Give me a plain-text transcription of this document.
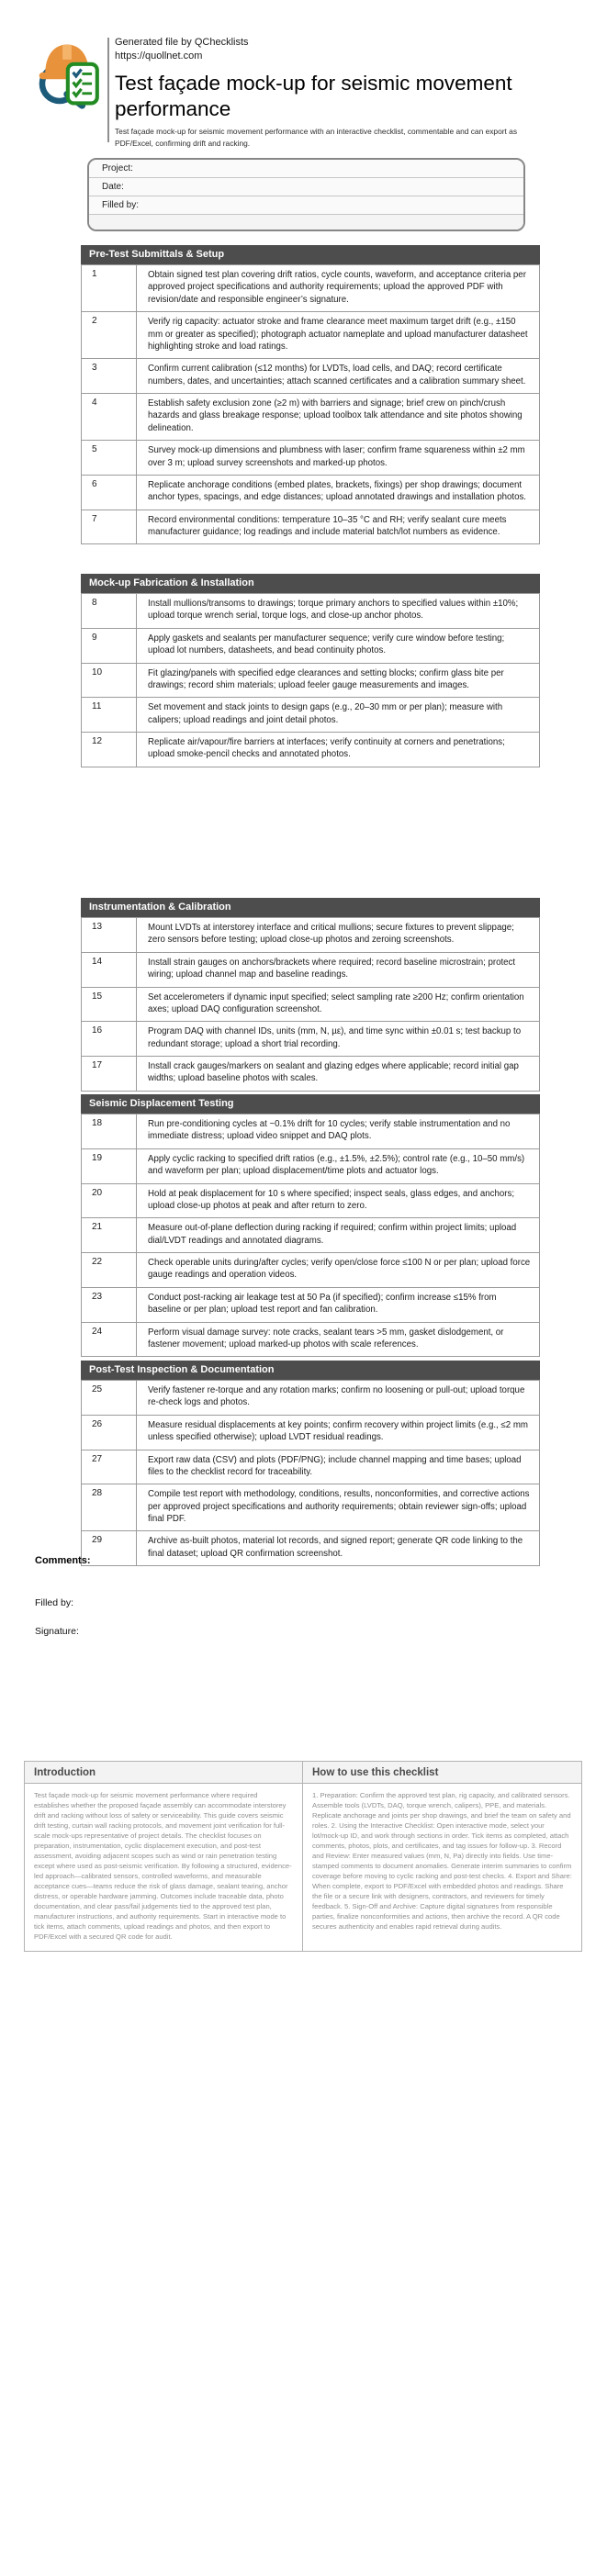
Generated file by QChecklists
https://quollnet.com
Test façade mock-up for seismic movement performance
Test façade mock-up for seismic movement performance with an interactive checklist, commentable and can export as PDF/Excel, confirming drift and racking.
Project:
Date:
Filled by:
Pre-Test Submittals & Setup
1	Obtain signed test plan covering drift ratios, cycle counts, waveform, and acceptance criteria per approved project specifications and authority requirements; upload the approved PDF with revision/date and responsible engineer’s signature.
2	Verify rig capacity: actuator stroke and frame clearance meet maximum target drift (e.g., ±150 mm or greater as specified); photograph actuator nameplate and upload manufacturer datasheet highlighting stroke and load ratings.
3	Confirm current calibration (≤12 months) for LVDTs, load cells, and DAQ; record certificate numbers, dates, and uncertainties; attach scanned certificates and a calibration summary sheet.
4	Establish safety exclusion zone (≥2 m) with barriers and signage; brief crew on pinch/crush hazards and glass breakage response; upload toolbox talk attendance and site photos showing delineation.
5	Survey mock-up dimensions and plumbness with laser; confirm frame squareness within ±2 mm over 3 m; upload survey screenshots and marked-up photos.
6	Replicate anchorage conditions (embed plates, brackets, fixings) per shop drawings; document anchor types, spacings, and edge distances; upload annotated drawings and installation photos.
7	Record environmental conditions: temperature 10–35 °C and RH; verify sealant cure meets manufacturer guidance; log readings and include material batch/lot numbers as evidence.
Mock-up Fabrication & Installation
8	Install mullions/transoms to drawings; torque primary anchors to specified values within ±10%; upload torque wrench serial, torque logs, and close-up anchor photos.
9	Apply gaskets and sealants per manufacturer sequence; verify cure window before testing; upload lot numbers, datasheets, and bead continuity photos.
10	Fit glazing/panels with specified edge clearances and setting blocks; confirm glass bite per drawings; record shim materials; upload feeler gauge measurements and images.
11	Set movement and stack joints to design gaps (e.g., 20–30 mm or per plan); measure with calipers; upload readings and joint detail photos.
12	Replicate air/vapour/fire barriers at interfaces; verify continuity at corners and penetrations; upload smoke-pencil checks and annotated photos.
Instrumentation & Calibration
13	Mount LVDTs at interstorey interface and critical mullions; secure fixtures to prevent slippage; zero sensors before testing; upload close-up photos and zeroing screenshots.
14	Install strain gauges on anchors/brackets where required; record baseline microstrain; protect wiring; upload channel map and baseline readings.
15	Set accelerometers if dynamic input specified; select sampling rate ≥200 Hz; confirm orientation axes; upload DAQ configuration screenshot.
16	Program DAQ with channel IDs, units (mm, N, µε), and time sync within ±0.01 s; test backup to redundant storage; upload a short trial recording.
17	Install crack gauges/markers on sealant and glazing edges where applicable; record initial gap widths; upload baseline photos with scales.
Seismic Displacement Testing
18	Run pre-conditioning cycles at ~0.1% drift for 10 cycles; verify stable instrumentation and no immediate distress; upload video snippet and DAQ plots.
19	Apply cyclic racking to specified drift ratios (e.g., ±1.5%, ±2.5%); control rate (e.g., 10–50 mm/s) and waveform per plan; upload displacement/time plots and actuator logs.
20	Hold at peak displacement for 10 s where specified; inspect seals, glass edges, and anchors; upload close-up photos at peak and after return to zero.
21	Measure out-of-plane deflection during racking if required; confirm within project limits; upload dial/LVDT readings and annotated diagrams.
22	Check operable units during/after cycles; verify open/close force ≤100 N or per plan; upload force gauge readings and operation videos.
23	Conduct post-racking air leakage test at 50 Pa (if specified); confirm increase ≤15% from baseline or per plan; upload test report and fan calibration.
24	Perform visual damage survey: note cracks, sealant tears >5 mm, gasket dislodgement, or fastener movement; upload marked-up photos with scale references.
Post-Test Inspection & Documentation
25	Verify fastener re-torque and any rotation marks; confirm no loosening or pull-out; upload torque re-check logs and photos.
26	Measure residual displacements at key points; confirm recovery within project limits (e.g., ≤2 mm unless specified otherwise); upload LVDT residual readings.
27	Export raw data (CSV) and plots (PDF/PNG); include channel mapping and time bases; upload files to the checklist record for traceability.
28	Compile test report with methodology, conditions, results, nonconformities, and corrective actions per approved project specifications and authority requirements; obtain reviewer sign-offs; upload final PDF.
29	Archive as-built photos, material lot records, and signed report; generate QR code linking to the final dataset; upload QR confirmation screenshot.
Comments:
Filled by:
Signature:
Introduction
Test façade mock-up for seismic movement performance where required establishes whether the proposed façade assembly can accommodate interstorey drift and racking without loss of safety or serviceability. This guide covers seismic drift testing, curtain wall racking protocols, and movement joint verification for full-scale mock-ups representative of project details. The checklist focuses on preparation, instrumentation, cyclic displacement execution, and post-test assessment, avoiding adjacent scopes such as wind or rain penetration testing except where used as post-seismic verification. By following a structured, evidence-led approach—calibrated sensors, controlled waveforms, and measurable acceptance cues—teams reduce the risk of glass damage, sealant tearing, anchor distress, or operable hardware jamming. Outcomes include traceable data, photo documentation, and clear pass/fail judgements tied to the approved test plan, manufacturer instructions, and authority requirements. Start in interactive mode to tick items, attach comments, upload readings and photos, and then export to PDF/Excel with a secured QR code for audit.
How to use this checklist
1. Preparation: Confirm the approved test plan, rig capacity, and calibrated sensors. Assemble tools (LVDTs, DAQ, torque wrench, calipers), PPE, and materials. Replicate anchorage and joints per shop drawings, and brief the team on safety and roles. 2. Using the Interactive Checklist: Open interactive mode, select your lot/mock-up ID, and work through sections in order. Tick items as completed, attach comments, photos, plots, and certificates, and tag issues for follow-up. 3. Record and Review: Enter measured values (mm, N, Pa) directly into fields. Use time-stamped comments to document anomalies. Generate interim summaries to confirm coverage before moving to cyclic racking and post-test checks. 4. Export and Share: When complete, export to PDF/Excel with embedded photos and readings. Share the file or a secure link with designers, contractors, and reviewers for timely feedback. 5. Sign-Off and Archive: Capture digital signatures from responsible parties, finalize nonconformities and actions, then archive the record. A QR code secures authenticity and enables rapid retrieval during audits.
